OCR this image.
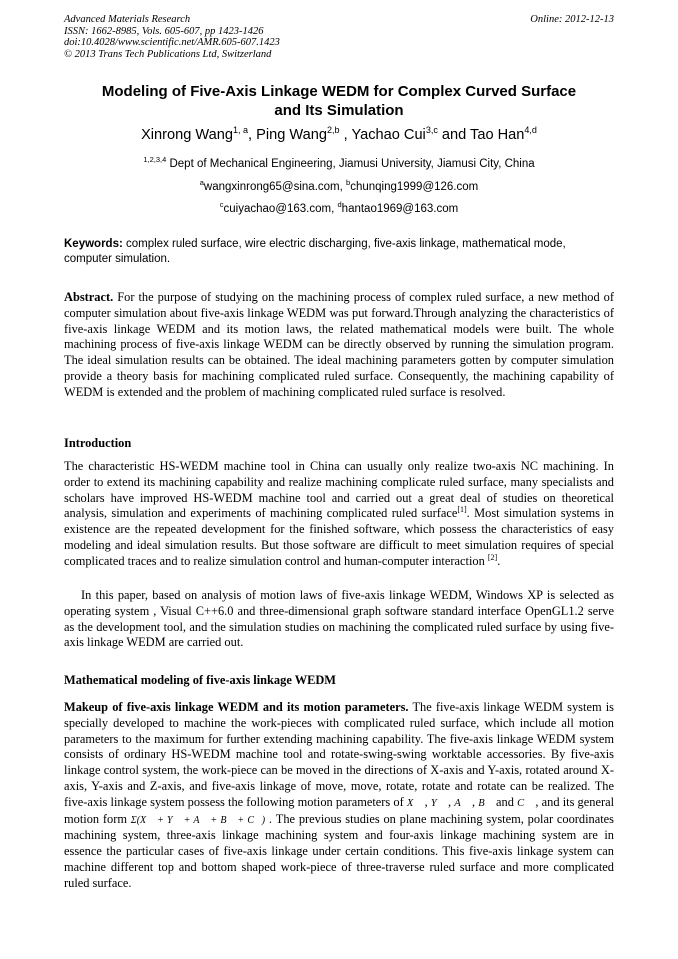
Advanced Materials Research
ISSN: 1662-8985, Vols. 605-607, pp 1423-1426
doi:10.4028/www.scientific.net/AMR.605-607.1423
© 2013 Trans Tech Publications Ltd, Switzerland
Online: 2012-12-13
Modeling of Five-Axis Linkage WEDM for Complex Curved Surface
and Its Simulation
Xinrong Wang$^{1, a}$, Ping Wang$^{2,b}$ , Yachao Cui$^{3,c}$ and Tao Han$^{4,d}$
$^{1,2,3,4}$ Dept of Mechanical Engineering, Jiamusi University, Jiamusi City, China
$^a$wangxinrong65@sina.com, $^b$chunqing1999@126.com
$^c$cuiyachao@163.com, $^d$hantao1969@163.com
Keywords: complex ruled surface, wire electric discharging, five-axis linkage, mathematical mode, computer simulation.
Abstract. For the purpose of studying on the machining process of complex ruled surface, a new method of computer simulation about five-axis linkage WEDM was put forward.Through analyzing the characteristics of five-axis linkage WEDM and its motion laws, the related mathematical models were built. The whole machining process of five-axis linkage WEDM can be directly observed by running the simulation program. The ideal simulation results can be obtained. The ideal machining parameters gotten by computer simulation provide a theory basis for machining complicated ruled surface. Consequently, the machining capability of WEDM is extended and the problem of machining complicated ruled surface is resolved.
Introduction
The characteristic HS-WEDM machine tool in China can usually only realize two-axis NC machining. In order to extend its machining capability and realize machining complicate ruled surface, many specialists and scholars have improved HS-WEDM machine tool and carried out a great deal of studies on theoretical analysis, simulation and experiments of machining complicated ruled surface[1]. Most simulation systems in existence are the repeated development for the finished software, which possess the characteristics of easy modeling and ideal simulation results. But those software are difficult to meet simulation requires of special complicated traces and to realize simulation control and human-computer interaction [2].
In this paper, based on analysis of motion laws of five-axis linkage WEDM, Windows XP is selected as operating system , Visual C++6.0 and three-dimensional graph software standard interface OpenGL1.2 serve as the development tool, and the simulation studies on machining the complicated ruled surface by using five-axis linkage WEDM are carried out.
Mathematical modeling of five-axis linkage WEDM
Makeup of five-axis linkage WEDM and its motion parameters. The five-axis linkage WEDM system is specially developed to machine the work-pieces with complicated ruled surface, which include all motion parameters to the maximum for further extending machining capability. The five-axis linkage WEDM system consists of ordinary HS-WEDM machine tool and rotate-swing-swing worktable accessories. By five-axis linkage control system, the work-piece can be moved in the directions of X-axis and Y-axis, rotated around X-axis, Y-axis and Z-axis, and five-axis linkage of move, move, rotate, rotate and rotate can be realized. The five-axis linkage system possess the following motion parameters of X⃗ , Y⃗ , A⃗ , B⃗ and C⃗ , and its general motion form Σ(X⃗ + Y⃗ + A⃗ + B⃗ + C⃗) . The previous studies on plane machining system, polar coordinates machining system, three-axis linkage machining system and four-axis linkage machining system are in essence the particular cases of five-axis linkage under certain conditions. This five-axis linkage system can machine different top and bottom shaped work-piece of three-traverse ruled surface and more complicated ruled surface.
